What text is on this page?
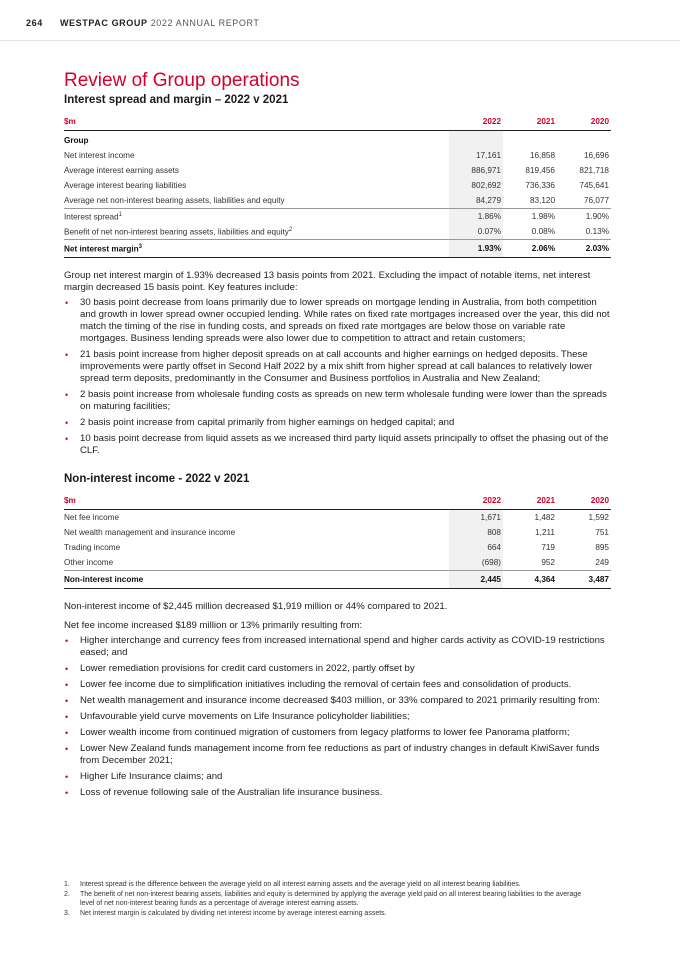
264 WESTPAC GROUP 2022 ANNUAL REPORT
Review of Group operations
Interest spread and margin – 2022 v 2021
$m	2022	2021	2020
Group			
Net interest income	17,161	16,858	16,696
Average interest earning assets	886,971	819,456	821,718
Average interest bearing liabilities	802,692	736,336	745,641
Average net non-interest bearing assets, liabilities and equity	84,279	83,120	76,077
Interest spread$^1$	1.86%	1.98%	1.90%
Benefit of net non-interest bearing assets, liabilities and equity$^2$	0.07%	0.08%	0.13%
Net interest margin$^3$	1.93%	2.06%	2.03%

Group net interest margin of 1.93% decreased 13 basis points from 2021. Excluding the impact of notable items, net interest margin decreased 15 basis point. Key features include:

• 30 basis point decrease from loans primarily due to lower spreads on mortgage lending in Australia, from both competition and growth in lower spread owner occupied lending. While rates on fixed rate mortgages increased over the year, this did not match the timing of the rise in funding costs, and spreads on fixed rate mortgages are below those on variable rate mortgages. Business lending spreads were also lower due to competition to attract and retain customers;
• 21 basis point increase from higher deposit spreads on at call accounts and higher earnings on hedged deposits. These improvements were partly offset in Second Half 2022 by a mix shift from higher spread at call balances to relatively lower spread term deposits, predominantly in the Consumer and Business portfolios in Australia and New Zealand;
• 2 basis point increase from wholesale funding costs as spreads on new term wholesale funding were lower than the spreads on maturing facilities;
• 2 basis point increase from capital primarily from higher earnings on hedged capital; and
• 10 basis point decrease from liquid assets as we increased third party liquid assets principally to offset the phasing out of the CLF.
Non-interest income - 2022 v 2021
$m	2022	2021	2020
Net fee income	1,671	1,482	1,592
Net wealth management and insurance income	808	1,211	751
Trading income	664	719	895
Other income	(698)	952	249
Non-interest income	2,445	4,364	3,487

Non-interest income of $2,445 million decreased $1,919 million or 44% compared to 2021.

Net fee income increased $189 million or 13% primarily resulting from:

• Higher interchange and currency fees from increased international spend and higher cards activity as COVID-19 restrictions eased; and
• Lower remediation provisions for credit card customers in 2022, partly offset by
• Lower fee income due to simplification initiatives including the removal of certain fees and consolidation of products.
• Net wealth management and insurance income decreased $403 million, or 33% compared to 2021 primarily resulting from:
• Unfavourable yield curve movements on Life Insurance policyholder liabilities;
• Lower wealth income from continued migration of customers from legacy platforms to lower fee Panorama platform;
• Lower New Zealand funds management income from fee reductions as part of industry changes in default KiwiSaver funds from December 2021;
• Higher Life Insurance claims; and
• Loss of revenue following sale of the Australian life insurance business.
1. Interest spread is the difference between the average yield on all interest earning assets and the average yield on all interest bearing liabilities.
2. The benefit of net non-interest bearing assets, liabilities and equity is determined by applying the average yield paid on all interest bearing liabilities to the average level of net non-interest bearing funds as a percentage of average interest earning assets.
3. Net interest margin is calculated by dividing net interest income by average interest earning assets.
